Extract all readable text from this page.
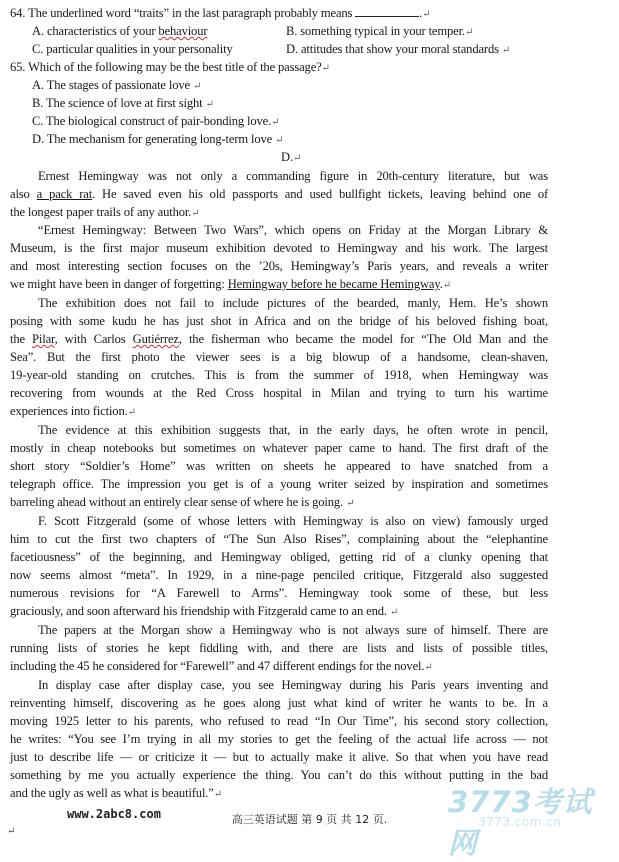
64. The underlined word “traits” in the last paragraph probably means	.↵
A. characteristics of your behaviour	B. something typical in your temper.↵
C. particular qualities in your personality	D. attitudes that show your moral standards ↵
65. Which of the following may be the best title of the passage?↵
A. The stages of passionate love ↵
B. The science of love at first sight ↵
C. The biological construct of pair-bonding love.↵
D. The mechanism for generating long-term love ↵
D.↵
Ernest Hemingway was not only a commanding figure in 20th-century literature, but was
also a pack rat. He saved even his old passports and used bullfight tickets, leaving behind one of
the longest paper trails of any author.↵
“Ernest Hemingway: Between Two Wars”, which opens on Friday at the Morgan Library &
Museum, is the first major museum exhibition devoted to Hemingway and his work. The largest
and most interesting section focuses on the ’20s, Hemingway’s Paris years, and reveals a writer
we might have been in danger of forgetting: Hemingway before he became Hemingway.↵
The exhibition does not fail to include pictures of the bearded, manly, Hem. He’s shown
posing with some kudu he has just shot in Africa and on the bridge of his beloved fishing boat,
the Pilar, with Carlos Gutiérrez, the fisherman who became the model for “The Old Man and the
Sea”. But the first photo the viewer sees is a big blowup of a handsome, clean-shaven,
19-year-old standing on crutches. This is from the summer of 1918, when Hemingway was
recovering from wounds at the Red Cross hospital in Milan and trying to turn his wartime
experiences into fiction.↵
The evidence at this exhibition suggests that, in the early days, he often wrote in pencil,
mostly in cheap notebooks but sometimes on whatever paper came to hand. The first draft of the
short story “Soldier’s Home” was written on sheets he appeared to have snatched from a
telegraph office. The impression you get is of a young writer seized by inspiration and sometimes
barreling ahead without an entirely clear sense of where he is going. ↵
F. Scott Fitzgerald (some of whose letters with Hemingway is also on view) famously urged
him to cut the first two chapters of “The Sun Also Rises”, complaining about the “elephantine
facetiousness” of the beginning, and Hemingway obliged, getting rid of a clunky opening that
now seems almost “meta”. In 1929, in a nine-page penciled critique, Fitzgerald also suggested
numerous revisions for “A Farewell to Arms”. Hemingway took some of these, but less
graciously, and soon afterward his friendship with Fitzgerald came to an end. ↵
The papers at the Morgan show a Hemingway who is not always sure of himself. There are
running lists of stories he kept fiddling with, and there are lists and lists of possible titles,
including the 45 he considered for “Farewell” and 47 different endings for the novel.↵
In display case after display case, you see Hemingway during his Paris years inventing and
reinventing himself, discovering as he goes along just what kind of writer he wants to be. In a
moving 1925 letter to his parents, who refused to read “In Our Time”, his second story collection,
he writes: “You see I’m trying in all my stories to get the feeling of the actual life across — not
just to describe life — or criticize it — but to actually make it alive. So that when you have read
something by me you actually experience the thing. You can’t do this without putting in the bad
and the ugly as well as what is beautiful.”↵	3773考试网
3773.com.cn
www.2abc8.com	高三英语试题 第 9 页 共 12 页.
↵
